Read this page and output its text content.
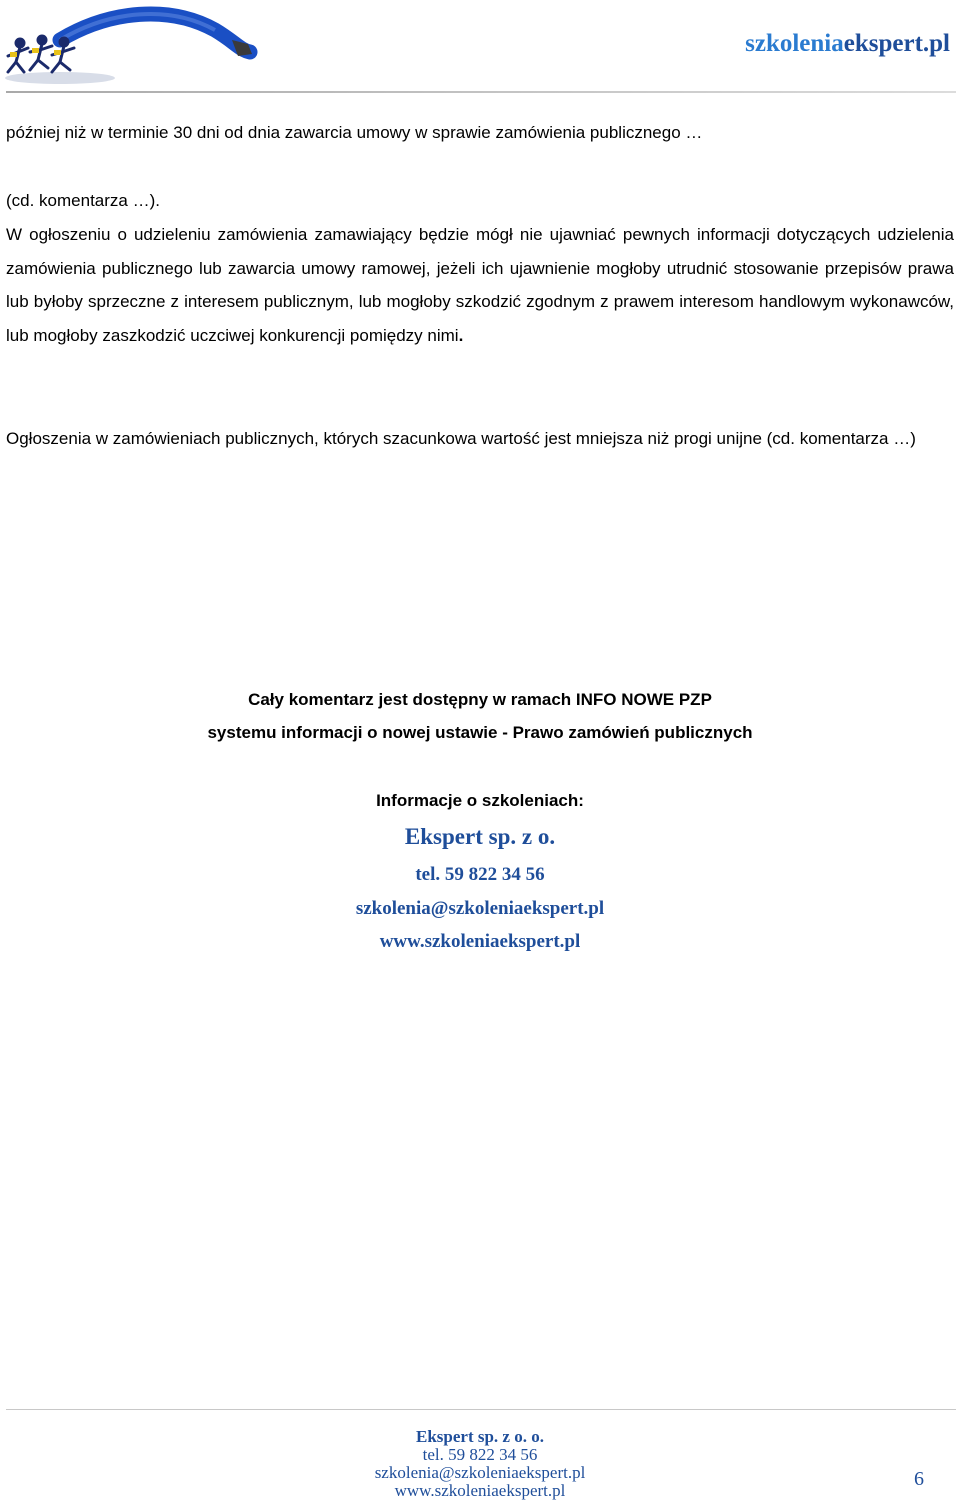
szkoleniaekspert.pl
później niż w terminie 30 dni od dnia zawarcia umowy w sprawie zamówienia publicznego …
(cd. komentarza …).
W ogłoszeniu o udzieleniu zamówienia zamawiający będzie mógł nie ujawniać pewnych informacji dotyczących udzielenia zamówienia publicznego lub zawarcia umowy ramowej, jeżeli ich ujawnienie mogłoby utrudnić stosowanie przepisów prawa lub byłoby sprzeczne z interesem publicznym, lub mogłoby szkodzić zgodnym z prawem interesom handlowym wykonawców, lub mogłoby zaszkodzić uczciwej konkurencji pomiędzy nimi.
Ogłoszenia w zamówieniach publicznych, których szacunkowa wartość jest mniejsza niż progi unijne (cd. komentarza …)
Cały komentarz jest dostępny w ramach INFO NOWE PZP
systemu informacji o nowej ustawie - Prawo zamówień publicznych
Informacje o szkoleniach:
Ekspert sp. z o.
tel. 59 822 34 56
szkolenia@szkoleniaekspert.pl
www.szkoleniaekspert.pl
Ekspert sp. z o. o.
tel. 59 822 34 56
szkolenia@szkoleniaekspert.pl
www.szkoleniaekspert.pl
6
